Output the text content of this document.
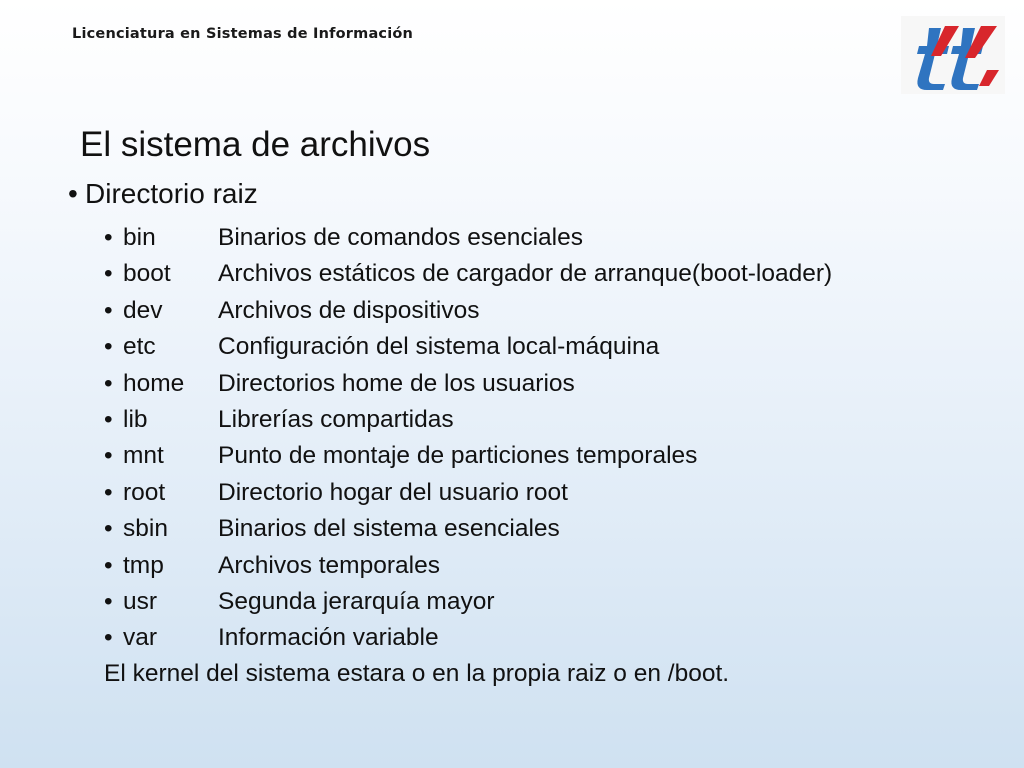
Licenciatura en Sistemas de Información
El sistema de archivos
• Directorio raiz
• bin	Binarios de comandos esenciales
• boot	Archivos estáticos de cargador de arranque(boot-loader)
• dev	Archivos de dispositivos
• etc	Configuración del sistema local-máquina
• home	Directorios home de los usuarios
• lib	Librerías compartidas
• mnt	Punto de montaje de particiones temporales
• root	Directorio hogar del usuario root
• sbin	Binarios del sistema esenciales
• tmp	Archivos temporales
• usr	Segunda jerarquía mayor
• var	Información variable
El kernel del sistema estara o en la propia raiz o en /boot.
